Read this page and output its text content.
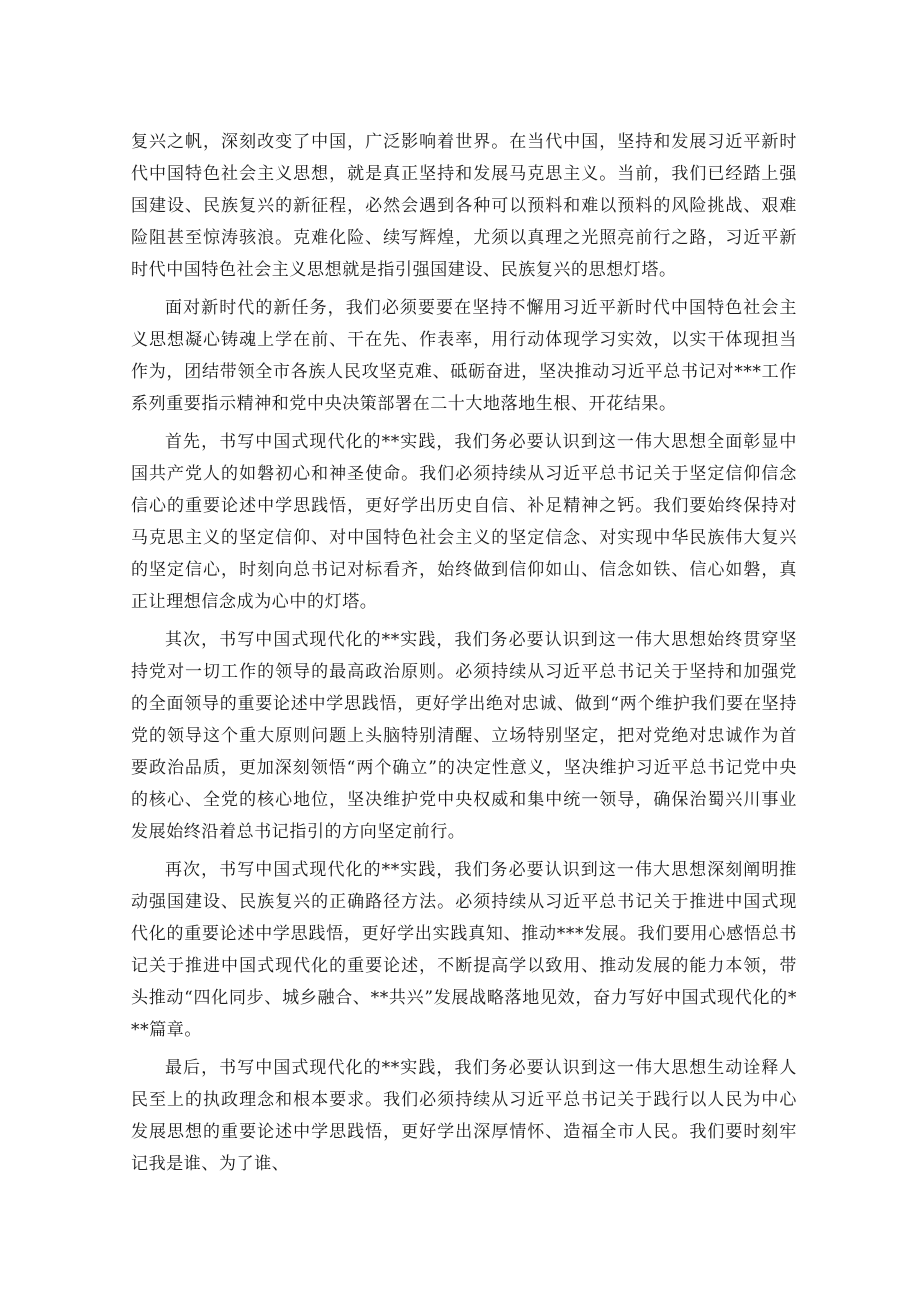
复兴之帆，深刻改变了中国，广泛影响着世界。在当代中国，坚持和发展习近平新时代中国特色社会主义思想，就是真正坚持和发展马克思主义。当前，我们已经踏上强国建设、民族复兴的新征程，必然会遇到各种可以预料和难以预料的风险挑战、艰难险阻甚至惊涛骇浪。克难化险、续写辉煌，尤须以真理之光照亮前行之路，习近平新时代中国特色社会主义思想就是指引强国建设、民族复兴的思想灯塔。

面对新时代的新任务，我们必须要要在坚持不懈用习近平新时代中国特色社会主义思想凝心铸魂上学在前、干在先、作表率，用行动体现学习实效，以实干体现担当作为，团结带领全市各族人民攻坚克难、砥砺奋进，坚决推动习近平总书记对***工作系列重要指示精神和党中央决策部署在二十大地落地生根、开花结果。

首先，书写中国式现代化的**实践，我们务必要认识到这一伟大思想全面彰显中国共产党人的如磐初心和神圣使命。我们必须持续从习近平总书记关于坚定信仰信念信心的重要论述中学思践悟，更好学出历史自信、补足精神之钙。我们要始终保持对马克思主义的坚定信仰、对中国特色社会主义的坚定信念、对实现中华民族伟大复兴的坚定信心，时刻向总书记对标看齐，始终做到信仰如山、信念如铁、信心如磐，真正让理想信念成为心中的灯塔。

其次，书写中国式现代化的**实践，我们务必要认识到这一伟大思想始终贯穿坚持党对一切工作的领导的最高政治原则。必须持续从习近平总书记关于坚持和加强党的全面领导的重要论述中学思践悟，更好学出绝对忠诚、做到“两个维护我们要在坚持党的领导这个重大原则问题上头脑特别清醒、立场特别坚定，把对党绝对忠诚作为首要政治品质，更加深刻领悟“两个确立”的决定性意义，坚决维护习近平总书记党中央的核心、全党的核心地位，坚决维护党中央权威和集中统一领导，确保治蜀兴川事业发展始终沿着总书记指引的方向坚定前行。

再次，书写中国式现代化的**实践，我们务必要认识到这一伟大思想深刻阐明推动强国建设、民族复兴的正确路径方法。必须持续从习近平总书记关于推进中国式现代化的重要论述中学思践悟，更好学出实践真知、推动***发展。我们要用心感悟总书记关于推进中国式现代化的重要论述，不断提高学以致用、推动发展的能力本领，带头推动“四化同步、城乡融合、**共兴”发展战略落地见效，奋力写好中国式现代化的***篇章。

最后，书写中国式现代化的**实践，我们务必要认识到这一伟大思想生动诠释人民至上的执政理念和根本要求。我们必须持续从习近平总书记关于践行以人民为中心发展思想的重要论述中学思践悟，更好学出深厚情怀、造福全市人民。我们要时刻牢记我是谁、为了谁、
